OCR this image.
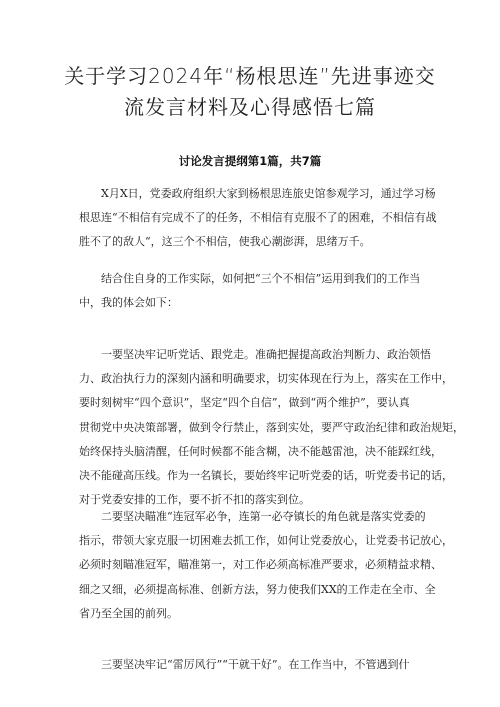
关于学习2024年“杨根思连”先进事迹交
流发言材料及心得感悟七篇
讨论发言提纲第1篇，共7篇
X月X日，党委政府组织大家到杨根思连旅史馆参观学习，通过学习杨
根思连“不相信有完成不了的任务，不相信有克服不了的困难，不相信有战
胜不了的敌人“，这三个不相信，使我心潮澎湃，思绪万千。
结合住自身的工作实际，如何把“三个不相信”运用到我们的工作当
中，我的体会如下：
一要坚决牢记听党话、跟党走。准确把握提高政治判断力、政治领悟
力、政治执行力的深刻内涵和明确要求，切实体现在行为上，落实在工作中，
要时刻树牢“四个意识”，坚定“四个自信”，做到“两个维护”，要认真
贯彻党中央决策部署，做到令行禁止，落到实处，要严守政治纪律和政治规矩，
始终保持头脑清醒，任何时候都不能含糊，决不能越雷池，决不能踩红线，
决不能碰高压线。作为一名镇长，要始终牢记听党委的话，听党委书记的话，
对于党委安排的工作，要不折不扣的落实到位。
二要坚决瞄准“连冠军必争，连第一必夺镇长的角色就是落实党委的
指示，带领大家克服一切困难去抓工作，如何让党委放心，让党委书记放心，
必须时刻瞄准冠军，瞄准第一，对工作必须高标准严要求，必须精益求精、
细之又细，必须提高标准、创新方法，努力使我们XX的工作走在全市、全
省乃至全国的前列。
三要坚决牢记“雷厉风行”“干就干好”。在工作当中，不管遇到什
